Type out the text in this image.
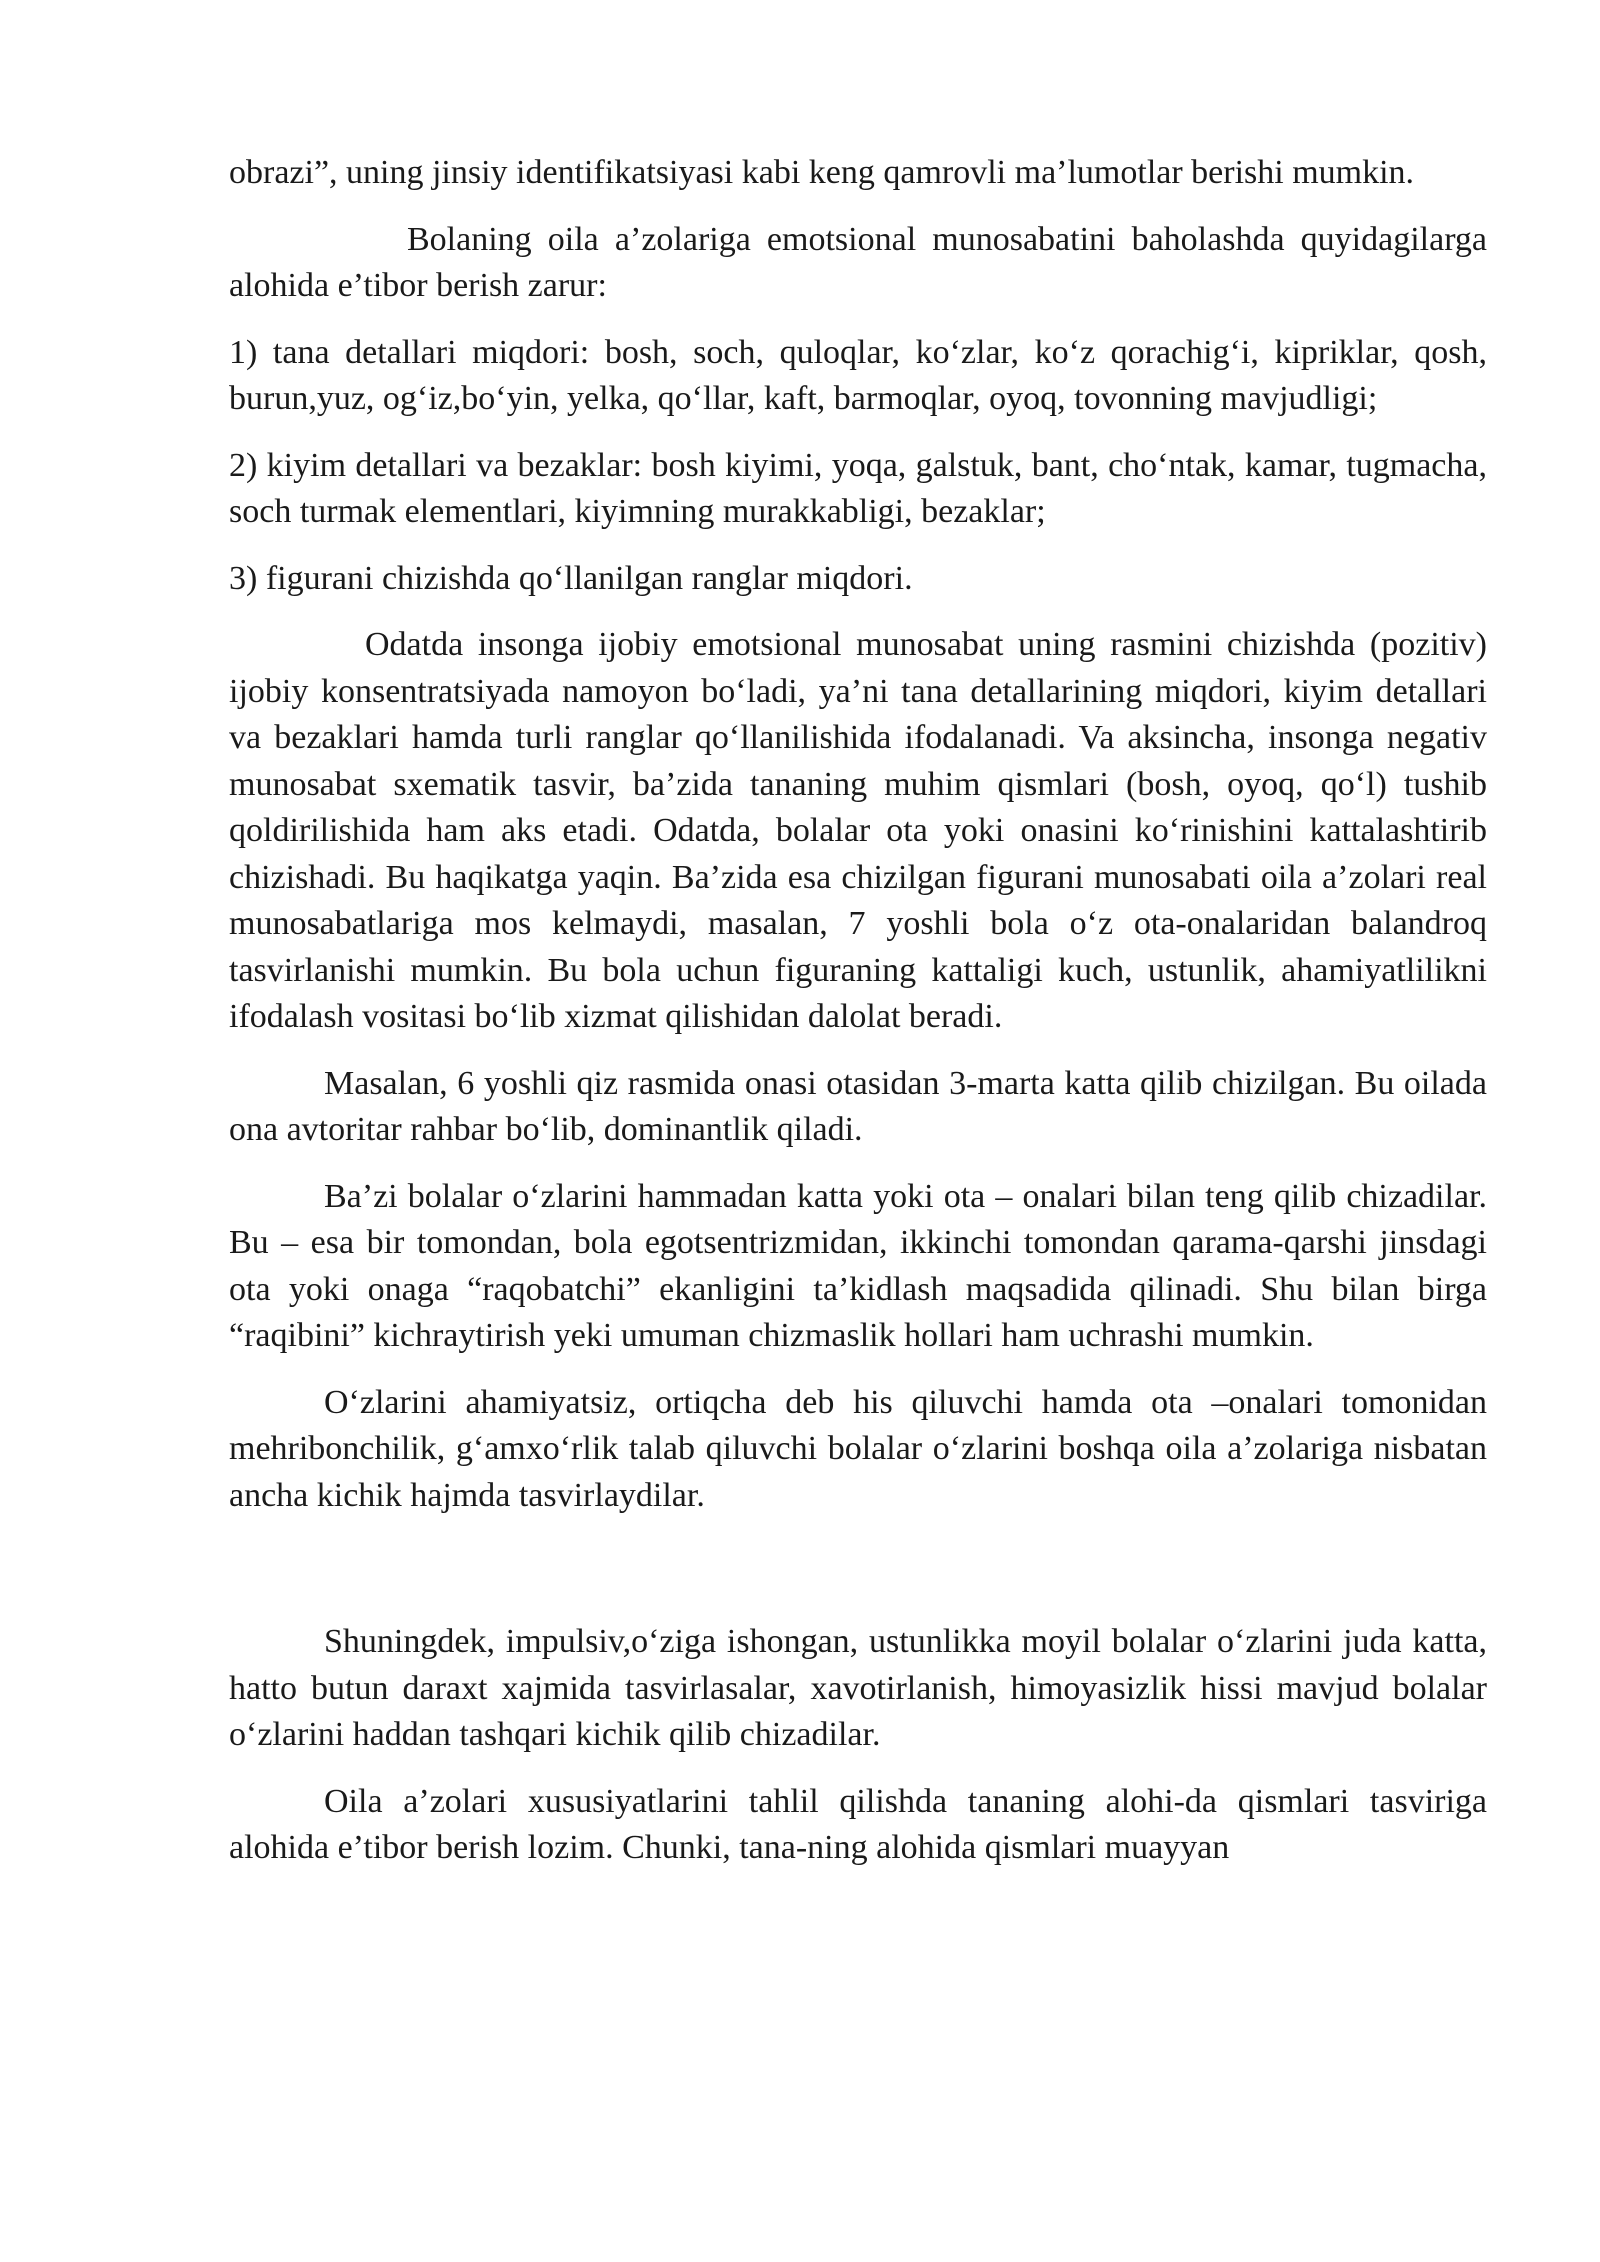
obrazi”, uning jinsiy identifikatsiyasi kabi keng qamrovli ma’lumotlar berishi mumkin.

Bolaning oila a’zolariga emotsional munosabatini baholashda quyidagilarga alohida e’tibor berish zarur:

1) tana detallari miqdori: bosh, soch, quloqlar, ko‘zlar, ko‘z qorachig‘i, kipriklar, qosh, burun,yuz, og‘iz,bo‘yin, yelka, qo‘llar, kaft, barmoqlar, oyoq, tovonning mavjudligi;

2) kiyim detallari va bezaklar: bosh kiyimi, yoqa, galstuk, bant, cho‘ntak, kamar, tugmacha, soch turmak elementlari, kiyimning murakkabligi, bezaklar;

3) figurani chizishda qo‘llanilgan ranglar miqdori.

Odatda insonga ijobiy emotsional munosabat uning rasmini chizishda (pozitiv) ijobiy konsentratsiyada namoyon bo‘ladi, ya’ni tana detallarining miqdori, kiyim detallari va bezaklari hamda turli ranglar qo‘llanilishida ifodalanadi. Va aksincha, insonga negativ munosabat sxematik tasvir, ba’zida tananing muhim qismlari (bosh, oyoq, qo‘l) tushib qoldirilishida ham aks etadi. Odatda, bolalar ota yoki onasini ko‘rinishini kattalashtirib chizishadi. Bu haqikatga yaqin. Ba’zida esa chizilgan figurani munosabati oila a’zolari real munosabatlariga mos kelmaydi, masalan, 7 yoshli bola o‘z ota-onalaridan balandroq tasvirlanishi mumkin. Bu bola uchun figuraning kattaligi kuch, ustunlik, ahamiyatlilikni ifodalash vositasi bo‘lib xizmat qilishidan dalolat beradi.

Masalan, 6 yoshli qiz rasmida onasi otasidan 3-marta katta qilib chizilgan. Bu oilada ona avtoritar rahbar bo‘lib, dominantlik qiladi.

Ba’zi bolalar o‘zlarini hammadan katta yoki ota – onalari bilan teng qilib chizadilar. Bu – esa bir tomondan, bola egotsentrizmidan, ikkinchi tomondan qarama-qarshi jinsdagi ota yoki onaga “raqobatchi” ekanligini ta’kidlash maqsadida qilinadi. Shu bilan birga “raqibini” kichraytirish yeki umuman chizmaslik hollari ham uchrashi mumkin.

O‘zlarini ahamiyatsiz, ortiqcha deb his qiluvchi hamda ota –onalari tomonidan mehribonchilik, g‘amxo‘rlik talab qiluvchi bolalar o‘zlarini boshqa oila a’zolariga nisbatan ancha kichik hajmda tasvirlaydilar.

Shuningdek, impulsiv,o‘ziga ishongan, ustunlikka moyil bolalar o‘zlarini juda katta, hatto butun daraxt xajmida tasvirlasalar, xavotirlanish, himoyasizlik hissi mavjud bolalar o‘zlarini haddan tashqari kichik qilib chizadilar.

Oila a’zolari xususiyatlarini tahlil qilishda tananing alohi-da qismlari tasviriga alohida e’tibor berish lozim. Chunki, tana-ning alohida qismlari muayyan
